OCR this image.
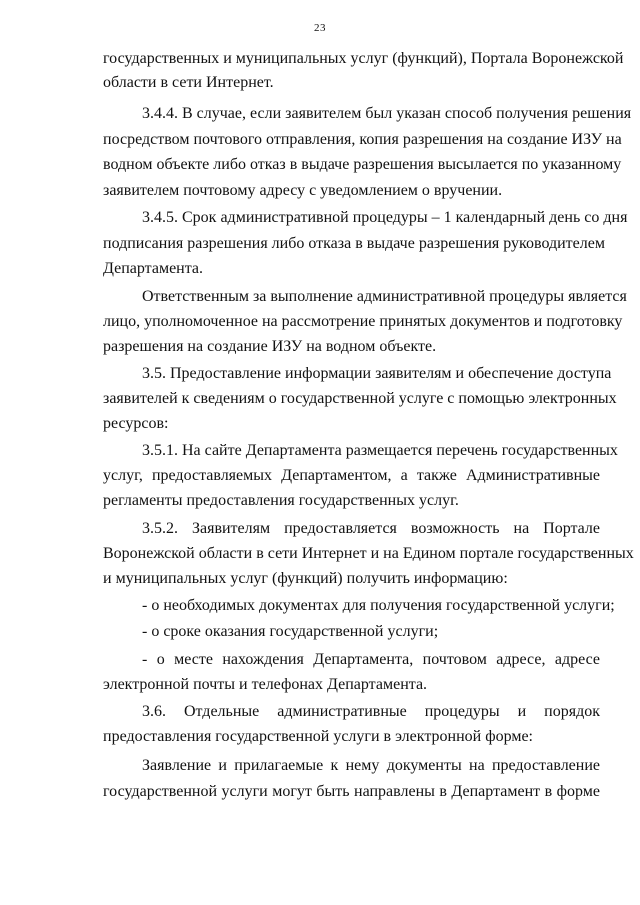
23
государственных и муниципальных услуг (функций), Портала Воронежской
области в сети Интернет.
3.4.4. В случае, если заявителем был указан способ получения решения
посредством почтового отправления, копия разрешения на создание ИЗУ на
водном объекте либо отказ в выдаче разрешения высылается по указанному
заявителем почтовому адресу с уведомлением о вручении.
3.4.5. Срок административной процедуры – 1 календарный день со дня
подписания разрешения либо отказа в выдаче разрешения руководителем
Департамента.
Ответственным за выполнение административной процедуры является
лицо, уполномоченное на рассмотрение принятых документов и подготовку
разрешения на создание ИЗУ на водном объекте.
3.5. Предоставление информации заявителям и обеспечение доступа
заявителей к сведениям о государственной услуге с помощью электронных
ресурсов:
3.5.1. На сайте Департамента размещается перечень государственных
услуг, предоставляемых Департаментом, а также Административные
регламенты предоставления государственных услуг.
3.5.2. Заявителям предоставляется возможность на Портале
Воронежской области в сети Интернет и на Едином портале государственных
и муниципальных услуг (функций) получить информацию:
- о необходимых документах для получения государственной услуги;
- о сроке оказания государственной услуги;
- о месте нахождения Департамента, почтовом адресе, адресе
электронной почты и телефонах Департамента.
3.6. Отдельные административные процедуры и порядок
предоставления государственной услуги в электронной форме:
Заявление и прилагаемые к нему документы на предоставление
государственной услуги могут быть направлены в Департамент в форме
